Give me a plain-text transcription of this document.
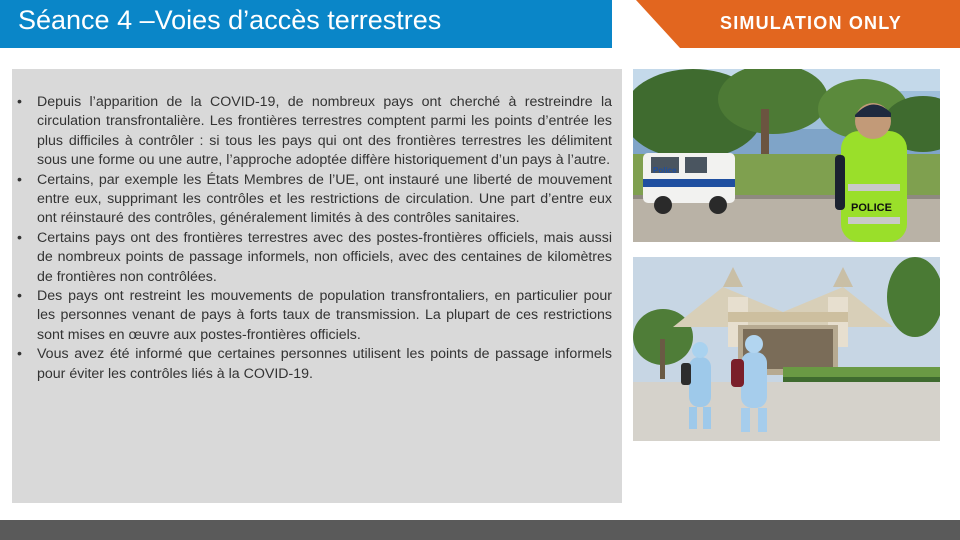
Séance 4 –Voies d’accès terrestres	SIMULATION ONLY
• Depuis l’apparition de la COVID-19, de nombreux pays ont cherché à restreindre la circulation transfrontalière. Les frontières terrestres comptent parmi les points d’entrée les plus difficiles à contrôler : si tous les pays qui ont des frontières terrestres les délimitent sous une forme ou une autre, l’approche adoptée diffère historiquement d’un pays à l’autre.
• Certains, par exemple les États Membres de l’UE, ont instauré une liberté de mouvement entre eux, supprimant les contrôles et les restrictions de circulation. Une part d’entre eux ont réinstauré des contrôles, généralement limités à des contrôles sanitaires.
• Certains pays ont des frontières terrestres avec des postes-frontières officiels, mais aussi de nombreux points de passage informels, non officiels, avec des centaines de kilomètres de frontières non contrôlées.
• Des pays ont restreint les mouvements de population transfrontaliers, en particulier pour les personnes venant de pays à forts taux de transmission. La plupart de ces restrictions sont mises en œuvre aux postes-frontières officiels.
• Vous avez été informé que certaines personnes utilisent les points de passage informels pour éviter les contrôles liés à la COVID-19.
Police
POLICE
